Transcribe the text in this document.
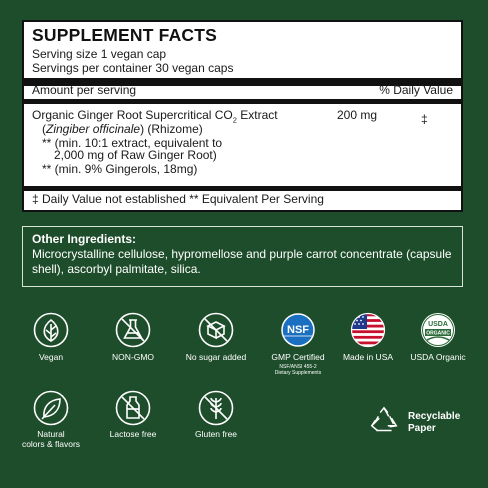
SUPPLEMENT FACTS
Serving size 1 vegan cap
Servings per container 30 vegan caps
Amount per serving	% Daily Value
Organic Ginger Root Supercritical $CO_2$ Extract	200 mg	‡
(Zingiber officinale) (Rhizome)
** (min. 10:1 extract, equivalent to
2,000 mg of Raw Ginger Root)
** (min. 9% Gingerols, 18mg)
‡ Daily Value not established ** Equivalent Per Serving
Other Ingredients:
Microcrystalline cellulose, hypromellose and purple carrot concentrate (capsule shell), ascorbyl palmitate, silica.
Vegan	NON-GMO	No sugar added
NSF
GMP Certified
NSF/ANSI 455-2
Dietary Supplements
Made in USA
USDA
ORGANIC
USDA Organic
Natural
colors & flavors
Lactose free	Gluten free
Recyclable
Paper
